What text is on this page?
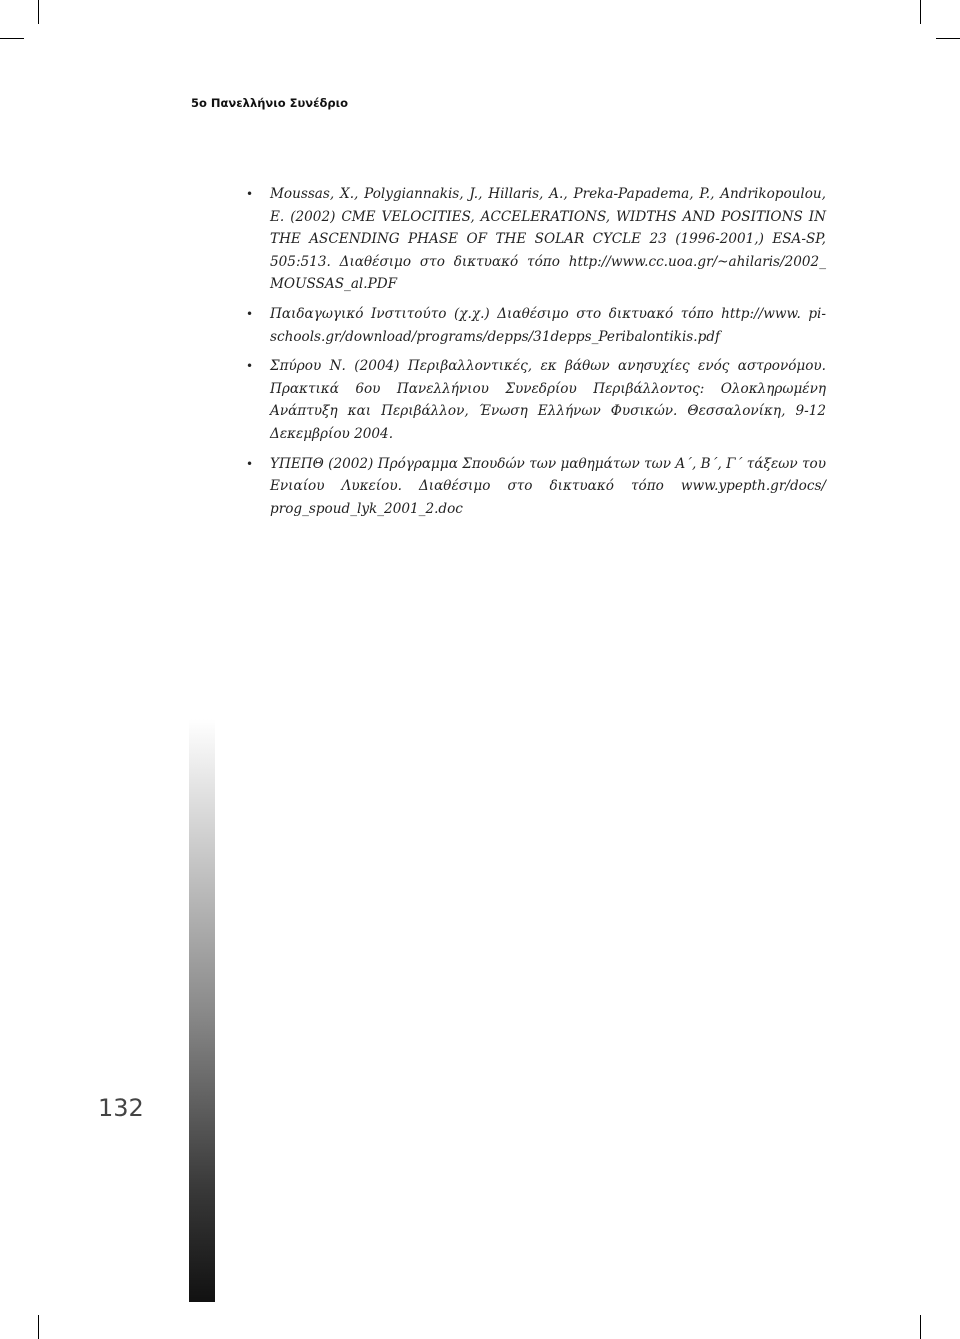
5ο Πανελλήνιο Συνέδριο
• Moussas, X., Polygiannakis, J., Hillaris, A., Preka-Papadema, P., Andrikopoulou, E. (2002) CME VELOCITIES, ACCELERATIONS, WIDTHS AND POSITIONS IN THE ASCENDING PHASE OF THE SOLAR CYCLE 23 (1996-2001,) ESA-SP, 505:513. Διαθέσιμο στο δικτυακό τόπο http://www.cc.uoa.gr/~ahilaris/2002_ MOUSSAS_al.PDF
• Παιδαγωγικό Ινστιτούτο (χ.χ.) Διαθέσιμο στο δικτυακό τόπο http://www. pi-schools.gr/download/programs/depps/31depps_Peribalontikis.pdf
• Σπύρου Ν. (2004) Περιβαλλοντικές, εκ βάθων ανησυχίες ενός αστρονόμου. Πρακτικά 6ου Πανελλήνιου Συνεδρίου Περιβάλλοντος: Ολοκληρωμένη Ανάπτυξη και Περιβάλλον, Ένωση Ελλήνων Φυσικών. Θεσσαλονίκη, 9-12 Δεκεμβρίου 2004.
• ΥΠΕΠΘ (2002) Πρόγραμμα Σπουδών των μαθημάτων των Α΄, Β΄, Γ΄ τάξεων του Ενιαίου Λυκείου. Διαθέσιμο στο δικτυακό τόπο www.ypepth.gr/docs/ prog_spoud_lyk_2001_2.doc
132
